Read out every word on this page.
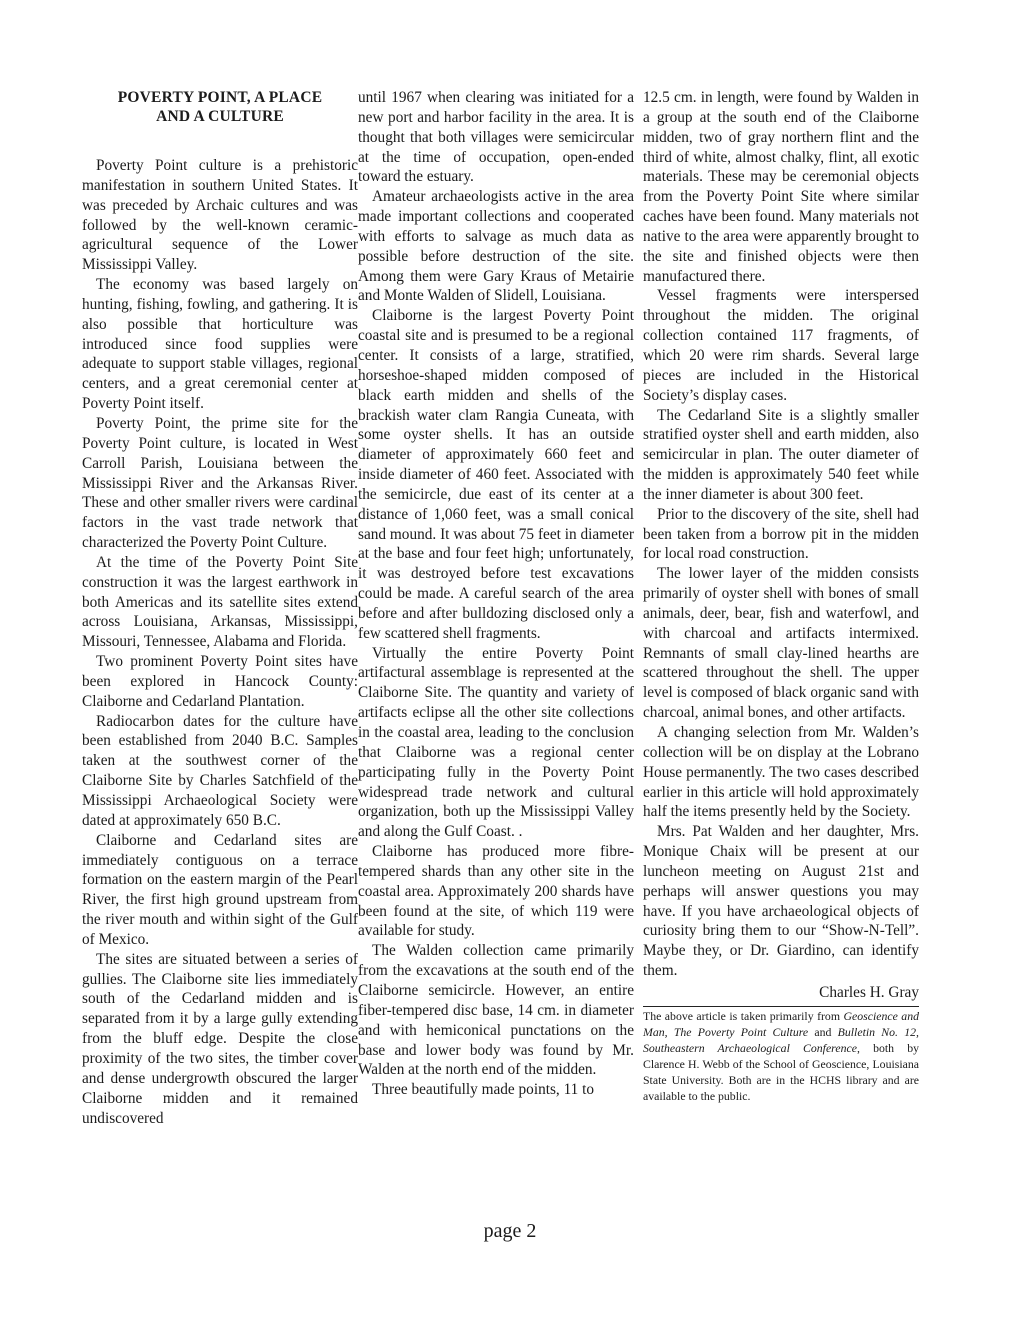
POVERTY POINT, A PLACE
AND A CULTURE

Poverty Point culture is a prehistoric manifestation in southern United States. It was preceded by Archaic cultures and was followed by the well-known ceramic-agricultural sequence of the Lower Mississippi Valley.

The economy was based largely on hunting, fishing, fowling, and gathering. It is also possible that horticulture was introduced since food supplies were adequate to support stable villages, regional centers, and a great ceremonial center at Poverty Point itself.

Poverty Point, the prime site for the Poverty Point culture, is located in West Carroll Parish, Louisiana between the Mississippi River and the Arkansas River. These and other smaller rivers were cardinal factors in the vast trade network that characterized the Poverty Point Culture.

At the time of the Poverty Point Site construction it was the largest earthwork in both Americas and its satellite sites extend across Louisiana, Arkansas, Mississippi, Missouri, Tennessee, Alabama and Florida.

Two prominent Poverty Point sites have been explored in Hancock County: Claiborne and Cedarland Plantation.

Radiocarbon dates for the culture have been established from 2040 B.C. Samples taken at the southwest corner of the Claiborne Site by Charles Satchfield of the Mississippi Archaeological Society were dated at approximately 650 B.C.

Claiborne and Cedarland sites are immediately contiguous on a terrace formation on the eastern margin of the Pearl River, the first high ground upstream from the river mouth and within sight of the Gulf of Mexico.

The sites are situated between a series of gullies. The Claiborne site lies immediately south of the Cedarland midden and is separated from it by a large gully extending from the bluff edge. Despite the close proximity of the two sites, the timber cover and dense undergrowth obscured the larger Claiborne midden and it remained undiscovered

until 1967 when clearing was initiated for a new port and harbor facility in the area. It is thought that both villages were semicircular at the time of occupation, open-ended toward the estuary.

Amateur archaeologists active in the area made important collections and cooperated with efforts to salvage as much data as possible before destruction of the site. Among them were Gary Kraus of Metairie and Monte Walden of Slidell, Louisiana.

Claiborne is the largest Poverty Point coastal site and is presumed to be a regional center. It consists of a large, stratified, horseshoe-shaped midden composed of black earth midden and shells of the brackish water clam Rangia Cuneata, with some oyster shells. It has an outside diameter of approximately 660 feet and inside diameter of 460 feet. Associated with the semicircle, due east of its center at a distance of 1,060 feet, was a small conical sand mound. It was about 75 feet in diameter at the base and four feet high; unfortunately, it was destroyed before test excavations could be made. A careful search of the area before and after bulldozing disclosed only a few scattered shell fragments.

Virtually the entire Poverty Point artifactural assemblage is represented at the Claiborne Site. The quantity and variety of artifacts eclipse all the other site collections in the coastal area, leading to the conclusion that Claiborne was a regional center participating fully in the Poverty Point widespread trade network and cultural organization, both up the Mississippi Valley and along the Gulf Coast. .

Claiborne has produced more fibre-tempered shards than any other site in the coastal area. Approximately 200 shards have been found at the site, of which 119 were available for study.

The Walden collection came primarily from the excavations at the south end of the Claiborne semicircle. However, an entire fiber-tempered disc base, 14 cm. in diameter and with hemiconical punctations on the base and lower body was found by Mr. Walden at the north end of the midden.

Three beautifully made points, 11 to

12.5 cm. in length, were found by Walden in a group at the south end of the Claiborne midden, two of gray northern flint and the third of white, almost chalky, flint, all exotic materials. These may be ceremonial objects from the Poverty Point Site where similar caches have been found. Many materials not native to the area were apparently brought to the site and finished objects were then manufactured there.

Vessel fragments were interspersed throughout the midden. The original collection contained 117 fragments, of which 20 were rim shards. Several large pieces are included in the Historical Society’s display cases.

The Cedarland Site is a slightly smaller stratified oyster shell and earth midden, also semicircular in plan. The outer diameter of the midden is approximately 540 feet while the inner diameter is about 300 feet.

Prior to the discovery of the site, shell had been taken from a borrow pit in the midden for local road construction.

The lower layer of the midden consists primarily of oyster shell with bones of small animals, deer, bear, fish and waterfowl, and with charcoal and artifacts intermixed. Remnants of small clay-lined hearths are scattered throughout the shell. The upper level is composed of black organic sand with charcoal, animal bones, and other artifacts.

A changing selection from Mr. Walden’s collection will be on display at the Lobrano House permanently. The two cases described earlier in this article will hold approximately half the items presently held by the Society.

Mrs. Pat Walden and her daughter, Mrs. Monique Chaix will be present at our luncheon meeting on August 21st and perhaps will answer questions you may have. If you have archaeological objects of curiosity bring them to our “Show-N-Tell”. Maybe they, or Dr. Giardino, can identify them.

Charles H. Gray

The above article is taken primarily from Geoscience and Man, The Poverty Point Culture and Bulletin No. 12, Southeastern Archaeological Conference, both by Clarence H. Webb of the School of Geoscience, Louisiana State University. Both are in the HCHS library and are available to the public.
page 2
